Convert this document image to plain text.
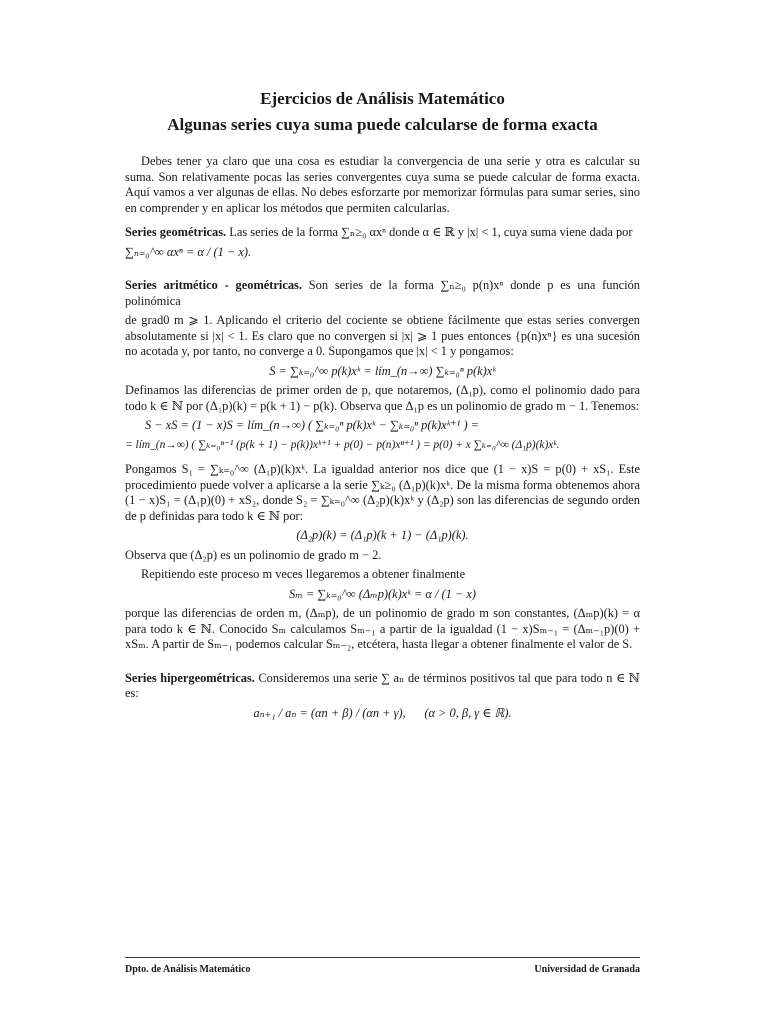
Ejercicios de Análisis Matemático
Algunas series cuya suma puede calcularse de forma exacta

Debes tener ya claro que una cosa es estudiar la convergencia de una serie y otra es calcular su suma. Son relativamente pocas las series convergentes cuya suma se puede calcular de forma exacta. Aquí vamos a ver algunas de ellas. No debes esforzarte por memorizar fórmulas para sumar series, sino en comprender y en aplicar los métodos que permiten calcularlas.

Series geométricas. Las series de la forma ∑ₙ≥₀ αxⁿ donde α ∈ ℝ y |x| < 1, cuya suma viene dada por

∑ₙ₌₀^∞ αxⁿ = α / (1 − x).

Series aritmético - geométricas. Son series de la forma ∑ₙ≥₀ p(n)xⁿ donde p es una función polinómica

de grad0 m ⩾ 1. Aplicando el criterio del cociente se obtiene fácilmente que estas series convergen absolutamente si |x| < 1. Es claro que no convergen si |x| ⩾ 1 pues entonces {p(n)xⁿ} es una sucesión no acotada y, por tanto, no converge a 0. Supongamos que |x| < 1 y pongamos:

S = ∑ₖ₌₀^∞ p(k)xᵏ = lím_(n→∞) ∑ₖ₌₀ⁿ p(k)xᵏ

Definamos las diferencias de primer orden de p, que notaremos, (Δ₁p), como el polinomio dado para todo k ∈ ℕ por (Δ₁p)(k) = p(k + 1) − p(k). Observa que Δ₁p es un polinomio de grado m − 1. Tenemos:

S − xS = (1 − x)S = lím_(n→∞) ( ∑ₖ₌₀ⁿ p(k)xᵏ − ∑ₖ₌₀ⁿ p(k)xᵏ⁺¹ ) =

= lím_(n→∞) ( ∑ₖ₌₀ⁿ⁻¹ (p(k + 1) − p(k))xᵏ⁺¹ + p(0) − p(n)xⁿ⁺¹ ) = p(0) + x ∑ₖ₌₀^∞ (Δ₁p)(k)xᵏ.

Pongamos S₁ = ∑ₖ₌₀^∞ (Δ₁p)(k)xᵏ. La igualdad anterior nos dice que (1 − x)S = p(0) + xS₁. Este procedimiento puede volver a aplicarse a la serie ∑ₖ≥₀ (Δ₁p)(k)xᵏ. De la misma forma obtenemos ahora (1 − x)S₁ = (Δ₁p)(0) + xS₂, donde S₂ = ∑ₖ₌₀^∞ (Δ₂p)(k)xᵏ y (Δ₂p) son las diferencias de segundo orden de p definidas para todo k ∈ ℕ por:

(Δ₂p)(k) = (Δ₁p)(k + 1) − (Δ₁p)(k).

Observa que (Δ₂p) es un polinomio de grado m − 2.

Repitiendo este proceso m veces llegaremos a obtener finalmente

Sₘ = ∑ₖ₌₀^∞ (Δₘp)(k)xᵏ = α / (1 − x)

porque las diferencias de orden m, (Δₘp), de un polinomio de grado m son constantes, (Δₘp)(k) = α para todo k ∈ ℕ. Conocido Sₘ calculamos Sₘ₋₁ a partir de la igualdad (1 − x)Sₘ₋₁ = (Δₘ₋₁p)(0) + xSₘ. A partir de Sₘ₋₁ podemos calcular Sₘ₋₂, etcétera, hasta llegar a obtener finalmente el valor de S.

Series hipergeométricas. Consideremos una serie ∑ aₙ de términos positivos tal que para todo n ∈ ℕ es:

aₙ₊₁ / aₙ = (αn + β) / (αn + γ), (α > 0, β, γ ∈ ℝ).

Dpto. de Análisis Matemático	Universidad de Granada
